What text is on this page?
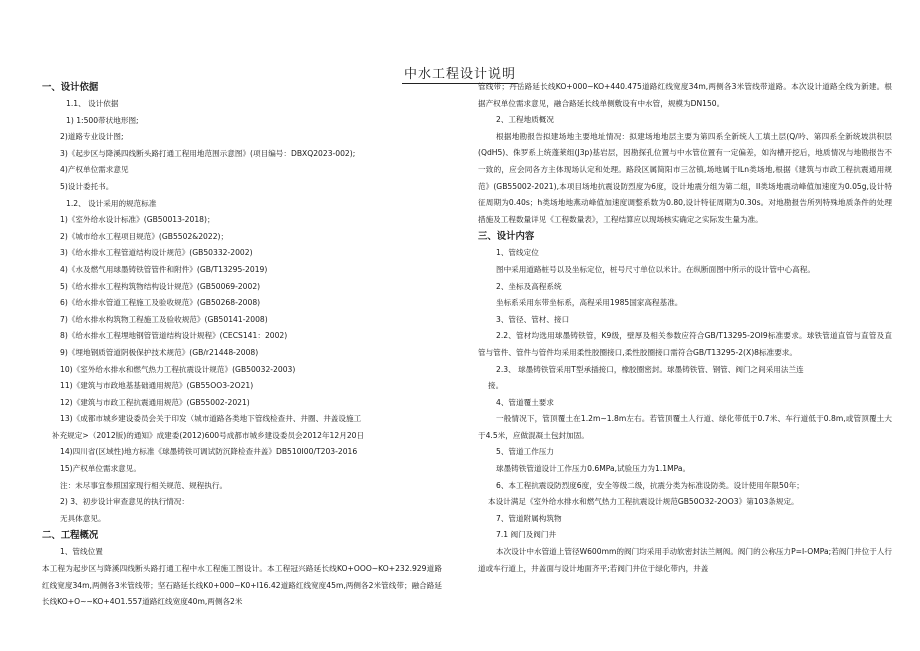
中水工程设计说明
一、设计依据
1.1、 设计依据
1) 1:500带状地形图;
2)道路专业设计图;
3)《起步区与降溪四线断头路打通工程用地范围示意图》(项目编号：DBXQ2023-002);
4)产权单位需求意见
5)设计委托书。
1.2、 设计采用的规范标准
1)《室外给水设计标准》(GB50013-2018)；
2)《城市给水工程项目规范》(GB5502&2022)；
3)《给水排水工程管道结构设计规范》(GB50332-2002)
4)《水及燃气用球墨铸铁管管件和附件》(GB/T13295-2019)
5)《给水排水工程构筑物结构设计规范》(GB50069-2002)
6)《给水排水管道工程施工及验收规范》(GB50268-2008)
7)《给水排水构筑物工程施工及验收规范》(GB50141-2008)
8)《给水排水工程埋地钢管管道结构设计规程》(CECS141：2002)
9)《埋地钢质管道阴极保护技术规范》(GB/r21448-2008)
10)《室外给水排水和燃气热力工程抗震设计规范》(GB50032-2003)
11)《建筑与市政地基基础通用规范》(GB55OO3-2O21)
12)《建筑与市政工程抗震通用规范》(GB55002-2021)
13)《成都市城乡建设委员会关于印发（城市道路各类地下管线检查井、井圈、井盖设施工
补充规定>（2012版)的通知》成建委(2012)600号成都市城乡建设委员会2012年12月20日
14)四川省(区域性)地方标准《球墨铸铁可调试防沉降检查井盖》DB510I00/T203-2016
15)产权单位需求意见。
注：未尽事宜参照国家现行相关规范、规程执行。
2) 3、初步设计审查意见的执行情况：
无具体意见。
二、工程概况
1、管线位置
本工程为起步区与降溪四线断头路打通工程中水工程施工图设计。本工程冠兴路延长线KO+OOO~KO+232.929道路红线宽度34m,两侧各3米管线带；坚石路延长线K0+000~K0+I16.42道路红线宽度45m,两侧各2米管线带；融合路延长线KO+O~~KO+4O1.557道路红线宽度40m,两侧各2米
管线带；丹岳路延长线KO+000~KO+440.475道路红线宽度34m,两侧各3米管线带道路。本次设计道路全线为新建。根据产权单位需求意见，融合路延长线单侧敷设有中水管，规模为DN150。
2、工程地质概况
根据地勘报告拟建场地主要地址情况：拟建场地地层主要为第四系全新统人工填土层(Q/吟、第四系全新统坡洪积层(QdH5)、侏罗系上统蓬莱组(J3p)基岩层，因勘探孔位置与中水管位置有一定偏差，如沟槽开挖后，地质情况与地勘报告不一致的，应会同各方主体现场认定和处理。路段区属简阳市三岔镇,场地属于ILn类场地,根据《建筑与市政工程抗震通用规范》(GB55002-2021),本项目场地抗震设防烈度为6度，设计地震分组为第二组，II类场地震动峰值加速度为0.05g,设计特征周期为0.40s；h类场地地燕动峰值加速度调整系数为0.80,设计特征周期为0.30s。对地勘报告所列特殊地质条件的处理措施及工程数量详见《工程数量表》，工程结算应以现场核实确定之实际发生量为准。
三、设计内容
1、管线定位
图中采用道路桩号以及坐标定位，桩号尺寸单位以米计。在纵断面图中所示的设计管中心高程。
2、坐标及高程系统
坐标系采用东带坐标系，高程采用1985国家高程基准。
3、管径、管材、接口
2.2、管材均选用球墨铸铁管，K9级，壁厚及相关参数应符合GB/T13295-2OI9标准要求。球铁管道直管与直管及直管与管件、管件与管件均采用柔性胶圈接口,柔性胶圈接口需符合GB/T13295-2(X)8标准要求。
2.3、 球墨铸铁管采用T型承插接口，橡胶圈密封。球墨铸铁管、钢管、阀门之间采用法兰连
接。
4、管道覆土要求
一般情况下，管顶覆土在1.2m~1.8m左右。若管顶覆土人行道、绿化带低于0.7米、车行道低于0.8m,或管顶覆土大于4.5米，应做混凝土包封加固。
5、管道工作压力
球墨铸铁管道设计工作压力0.6MPa,试验压力为1.1MPa。
6、本工程抗震设防烈度6度，安全等级二级，抗震分类为标准设防类。设计使用年限50年；
本设计满足《室外给水排水和燃气热力工程抗震设计规范GB50O32-2OO3》第103条规定。
7、管道附属构筑物
7.1 阀门及阀门井
本次设计中水管道上管径W600mm的阀门均采用手动软密封法兰闸阀。阀门的公称压力P=I-OMPa;若阀门井位于人行道或车行道上，井盖面与设计地面齐平;若阀门井位于绿化带内，井盖
